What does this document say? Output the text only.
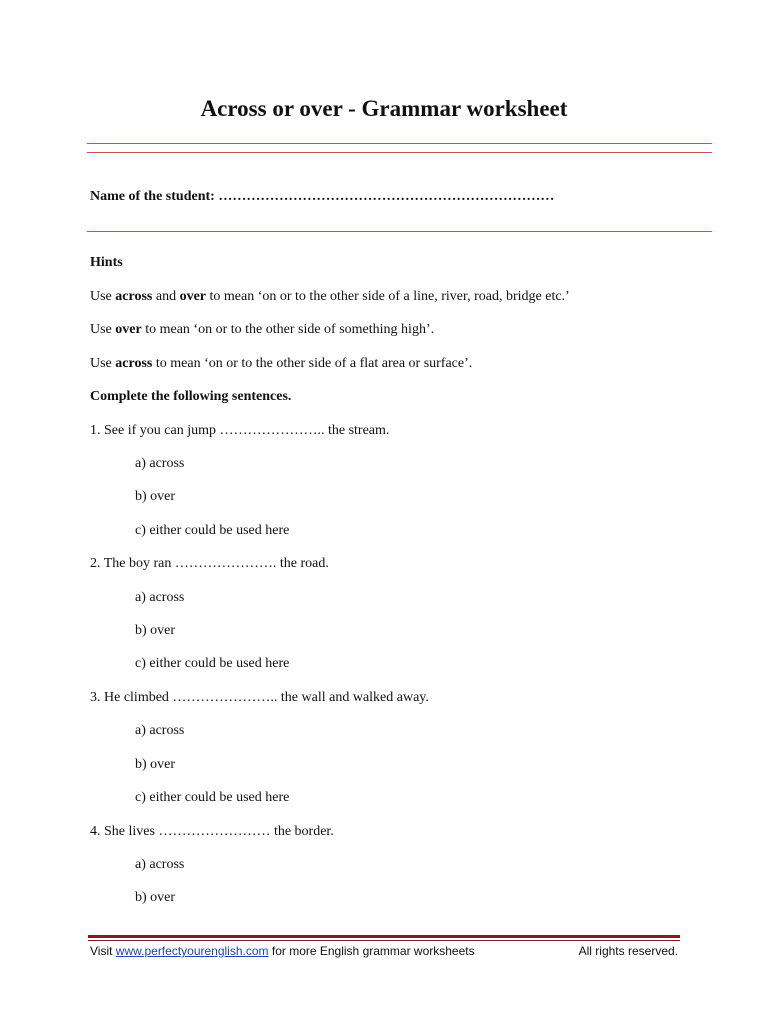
Across or over - Grammar worksheet
Name of the student: ………………………………………………………………

Hints

Use across and over to mean ‘on or to the other side of a line, river, road, bridge etc.’

Use over to mean ‘on or to the other side of something high’.

Use across to mean ‘on or to the other side of a flat area or surface’.

Complete the following sentences.

1. See if you can jump ………………….. the stream.

a) across

b) over

c) either could be used here

2. The boy ran …………………. the road.

a) across

b) over

c) either could be used here

3. He climbed ………………….. the wall and walked away.

a) across

b) over

c) either could be used here

4. She lives …………………… the border.

a) across

b) over

Visit www.perfectyourenglish.com for more English grammar worksheets	All rights reserved.
